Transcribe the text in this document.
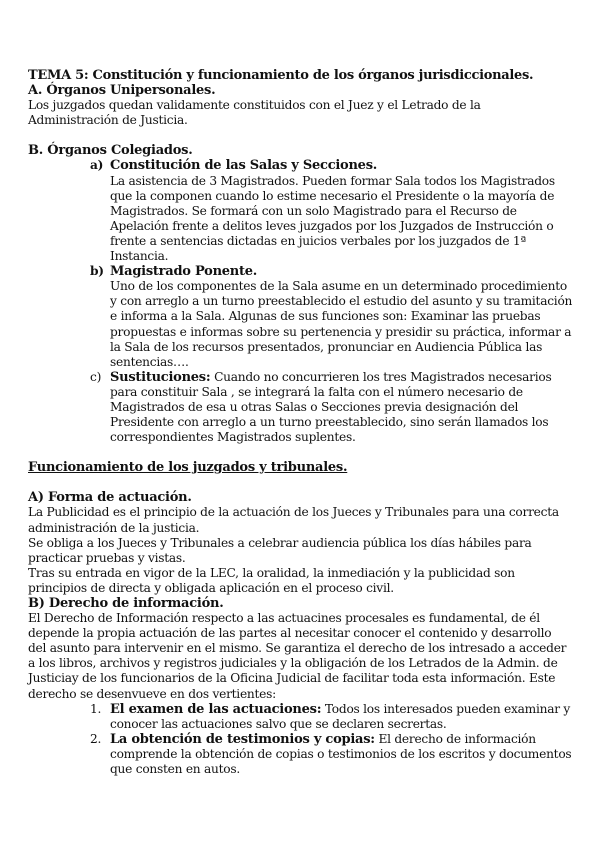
TEMA 5: Constitución y funcionamiento de los órganos jurisdiccionales.

A. Órganos Unipersonales.

Los juzgados quedan validamente constituidos con el Juez y el Letrado de la Administración de Justicia.

B. Órganos Colegiados.

a) Constitución de las Salas y Secciones.

La asistencia de 3 Magistrados. Pueden formar Sala todos los Magistrados que la componen cuando lo estime necesario el Presidente o la mayoría de Magistrados. Se formará con un solo Magistrado para el Recurso de Apelación frente a delitos leves juzgados por los Juzgados de Instrucción o frente a sentencias dictadas en juicios verbales por los juzgados de 1ª Instancia.

b) Magistrado Ponente.

Uno de los componentes de la Sala asume en un determinado procedimiento y con arreglo a un turno preestablecido el estudio del asunto y su tramitación e informa a la Sala. Algunas de sus funciones son: Examinar las pruebas propuestas e informas sobre su pertenencia y presidir su práctica, informar a la Sala de los recursos presentados, pronunciar en Audiencia Pública las sentencias….

c) Sustituciones: Cuando no concurrieren los tres Magistrados necesarios para constituir Sala , se integrará la falta con el número necesario de Magistrados de esa u otras Salas o Secciones previa designación del Presidente con arreglo a un turno preestablecido, sino serán llamados los correspondientes Magistrados suplentes.

Funcionamiento de los juzgados y tribunales.

A) Forma de actuación.

La Publicidad es el principio de la actuación de los Jueces y Tribunales para una correcta administración de la justicia.

Se obliga a los Jueces y Tribunales a celebrar audiencia pública los días hábiles para practicar pruebas y vistas.

Tras su entrada en vigor de la LEC, la oralidad, la inmediación y la publicidad son principios de directa y obligada aplicación en el proceso civil.

B) Derecho de información.

El Derecho de Información respecto a las actuacines procesales es fundamental, de él depende la propia actuación de las partes al necesitar conocer el contenido y desarrollo del asunto para intervenir en el mismo. Se garantiza el derecho de los intresado a acceder a los libros, archivos y registros judiciales y la obligación de los Letrados de la Admin. de Justiciay de los funcionarios de la Oficina Judicial de facilitar toda esta información. Este derecho se desenvueve en dos vertientes:

1. El examen de las actuaciones: Todos los interesados pueden examinar y conocer las actuaciones salvo que se declaren secrertas.

2. La obtención de testimonios y copias: El derecho de información comprende la obtención de copias o testimonios de los escritos y documentos que consten en autos.
